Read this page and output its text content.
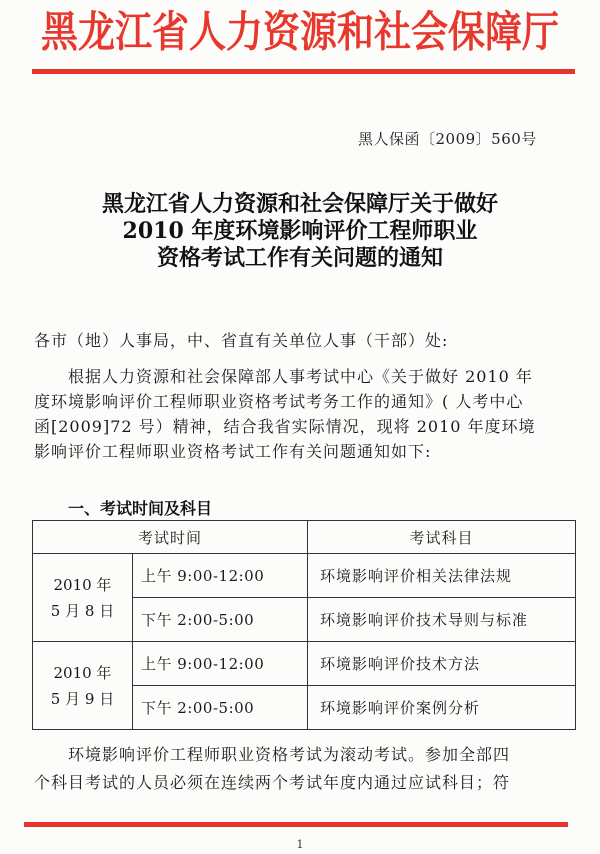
黑龙江省人力资源和社会保障厅
黑人保函〔2009〕560号
黑龙江省人力资源和社会保障厅关于做好
2010 年度环境影响评价工程师职业
资格考试工作有关问题的通知
各市（地）人事局，中、省直有关单位人事（干部）处:
根据人力资源和社会保障部人事考试中心《关于做好 2010 年
度环境影响评价工程师职业资格考试考务工作的通知》( 人考中心
函[2009]72 号）精神，结合我省实际情况，现将 2010 年度环境
影响评价工程师职业资格考试工作有关问题通知如下:
一、考试时间及科目
考试时间		考试科目

2010 年
5 月 8 日	上午 9:00-12:00	环境影响评价相关法律法规
	下午 2:00-5:00	环境影响评价技术导则与标准

2010 年
5 月 9 日	上午 9:00-12:00	环境影响评价技术方法
	下午 2:00-5:00	环境影响评价案例分析
环境影响评价工程师职业资格考试为滚动考试。参加全部四
个科目考试的人员必须在连续两个考试年度内通过应试科目；符
1
